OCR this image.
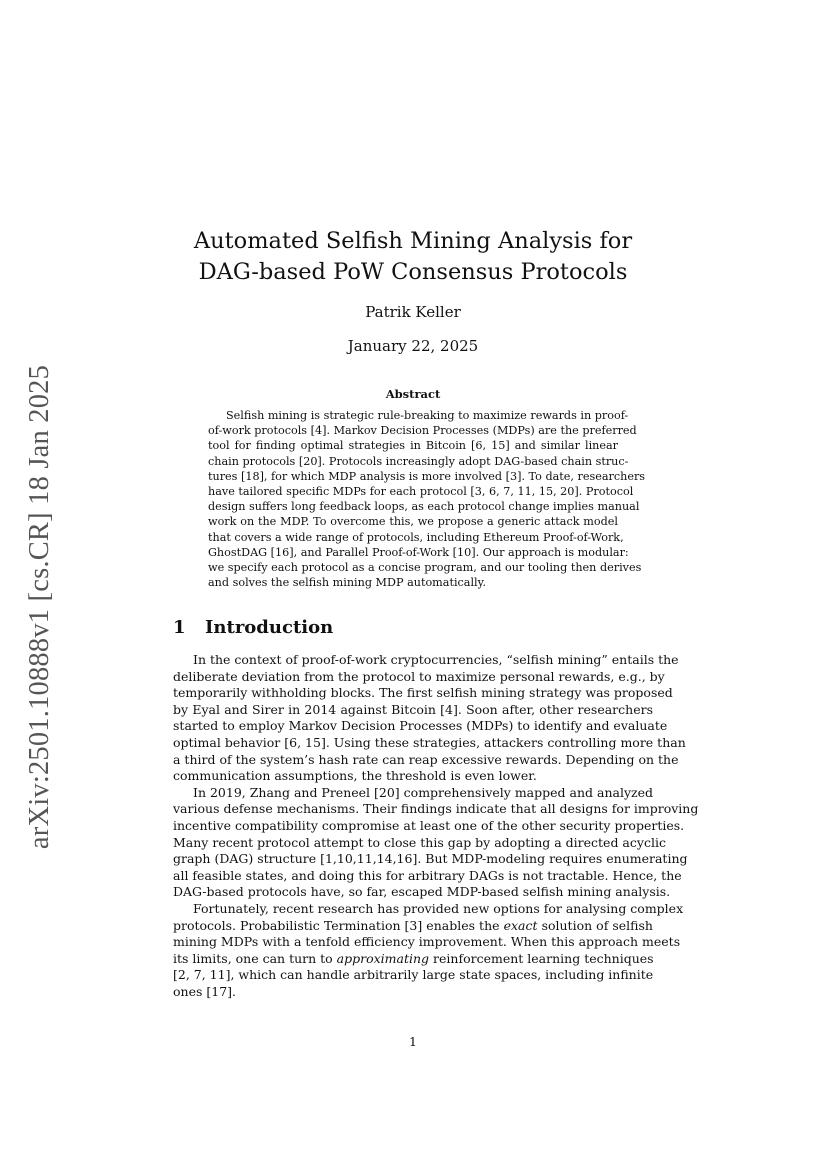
arXiv:2501.10888v1 [cs.CR] 18 Jan 2025
Automated Selfish Mining Analysis for
DAG-based PoW Consensus Protocols
Patrik Keller
January 22, 2025
Abstract
Selfish mining is strategic rule-breaking to maximize rewards in proof-
of-work protocols [4]. Markov Decision Processes (MDPs) are the preferred
tool for finding optimal strategies in Bitcoin [6, 15] and similar linear
chain protocols [20]. Protocols increasingly adopt DAG-based chain struc-
tures [18], for which MDP analysis is more involved [3]. To date, researchers
have tailored specific MDPs for each protocol [3, 6, 7, 11, 15, 20]. Protocol
design suffers long feedback loops, as each protocol change implies manual
work on the MDP. To overcome this, we propose a generic attack model
that covers a wide range of protocols, including Ethereum Proof-of-Work,
GhostDAG [16], and Parallel Proof-of-Work [10]. Our approach is modular:
we specify each protocol as a concise program, and our tooling then derives
and solves the selfish mining MDP automatically.
1 Introduction
In the context of proof-of-work cryptocurrencies, “selfish mining” entails the
deliberate deviation from the protocol to maximize personal rewards, e.g., by
temporarily withholding blocks. The first selfish mining strategy was proposed
by Eyal and Sirer in 2014 against Bitcoin [4]. Soon after, other researchers
started to employ Markov Decision Processes (MDPs) to identify and evaluate
optimal behavior [6, 15]. Using these strategies, attackers controlling more than
a third of the system’s hash rate can reap excessive rewards. Depending on the
communication assumptions, the threshold is even lower.
In 2019, Zhang and Preneel [20] comprehensively mapped and analyzed
various defense mechanisms. Their findings indicate that all designs for improving
incentive compatibility compromise at least one of the other security properties.
Many recent protocol attempt to close this gap by adopting a directed acyclic
graph (DAG) structure [1,10,11,14,16]. But MDP-modeling requires enumerating
all feasible states, and doing this for arbitrary DAGs is not tractable. Hence, the
DAG-based protocols have, so far, escaped MDP-based selfish mining analysis.
Fortunately, recent research has provided new options for analysing complex
protocols. Probabilistic Termination [3] enables the exact solution of selfish
mining MDPs with a tenfold efficiency improvement. When this approach meets
its limits, one can turn to approximating reinforcement learning techniques
[2, 7, 11], which can handle arbitrarily large state spaces, including infinite
ones [17].
1
